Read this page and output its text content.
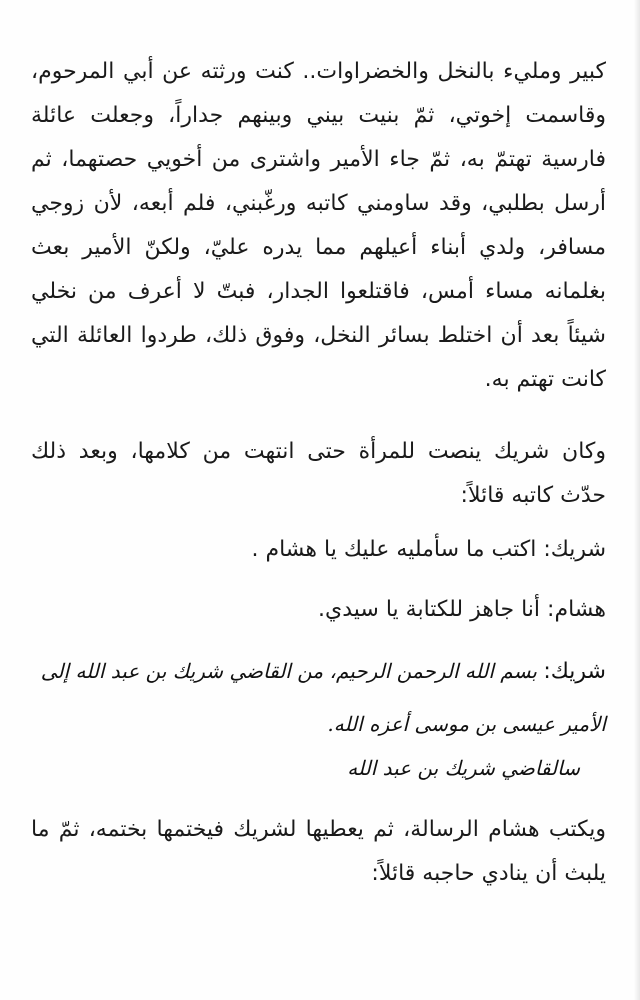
كبير ومليء بالنخل والخضراوات.. كنت ورثته عن أبي المرحوم، وقاسمت إخوتي، ثمّ بنيت بيني وبينهم جداراً، وجعلت عائلة فارسية تهتمّ به، ثمّ جاء الأمير واشترى من أخويي حصتهما، ثم أرسل بطلبي، وقد ساومني كاتبه ورغّبني، فلم أبعه، لأن زوجي مسافر، ولدي أبناء أعيلهم مما يدره عليّ، ولكنّ الأمير بعث بغلمانه مساء أمس، فاقتلعوا الجدار، فبتّ لا أعرف من نخلي شيئاً بعد أن اختلط بسائر النخل، وفوق ذلك، طردوا العائلة التي كانت تهتم به.

وكان شريك ينصت للمرأة حتى انتهت من كلامها، وبعد ذلك حدّث كاتبه قائلاً:

شريك: اكتب ما سأمليه عليك يا هشام .
هشام: أنا جاهز للكتابة يا سيدي.
شريك: بسم الله الرحمن الرحيم، من القاضي شريك بن عبد الله إلى الأمير عيسى بن موسى أعزه الله.
سالقاضي شريك بن عبد الله

ويكتب هشام الرسالة، ثم يعطيها لشريك فيختمها بختمه، ثمّ ما يلبث أن ينادي حاجبه قائلاً:
